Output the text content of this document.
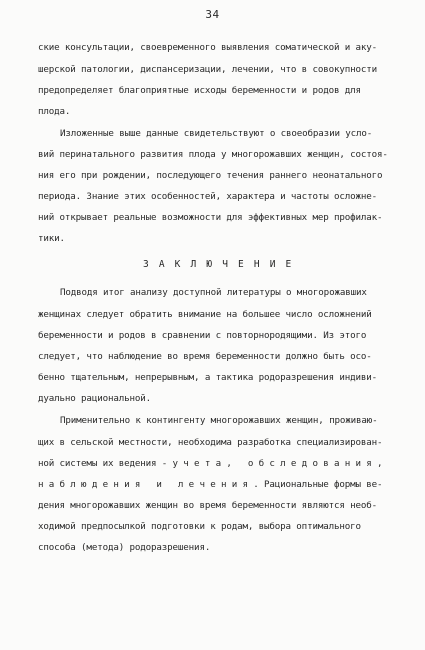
34
ские консультации, своевременного выявления соматической и аку-
шерской патологии, диспансеризации, лечении, что в совокупности
предопределяет благоприятные исходы беременности и родов для
плода.
Изложенные выше данные свидетельствуют о своеобразии усло-
вий перинатального развития плода у многорожавших женщин, состоя-
ния его при рождении, последующего течения раннего неонатального
периода. Знание этих особенностей, характера и частоты осложне-
ний открывает реальные возможности для эффективных мер профилак-
тики.
З А К Л Ю Ч Е Н И Е
Подводя итог анализу доступной литературы о многорожавших
женщинах следует обратить внимание на большее число осложнений
беременности и родов в сравнении с повторнородящими. Из этого
следует, что наблюдение во время беременности должно быть осо-
бенно тщательным, непрерывным, а тактика родоразрешения индиви-
дуально рациональной.
Применительно к контингенту многорожавших женщин, проживаю-
щих в сельской местности, необходима разработка специализирован-
ной системы их ведения - у ч е т а ,   о б с л е д о в а н и я ,
н а б л ю д е н и я   и   л е ч е н и я . Рациональные формы ве-
дения многорожавших женщин во время беременности являются необ-
ходимой предпосылкой подготовки к родам, выбора оптимального
способа (метода) родоразрешения.
